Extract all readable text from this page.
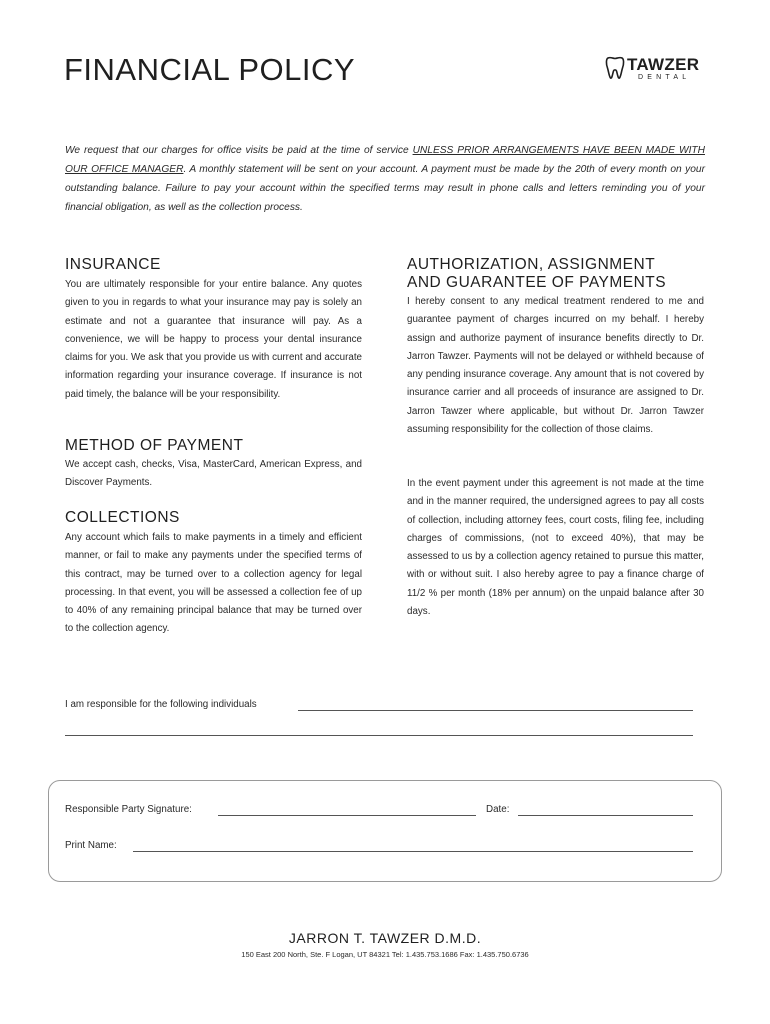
FINANCIAL POLICY	TAWZER
DENTAL
We request that our charges for office visits be paid at the time of service UNLESS PRIOR ARRANGEMENTS HAVE BEEN MADE WITH OUR OFFICE MANAGER. A monthly statement will be sent on your account. A payment must be made by the 20th of every month on your outstanding balance. Failure to pay your account within the specified terms may result in phone calls and letters reminding you of your financial obligation, as well as the collection process.
INSURANCE
You are ultimately responsible for your entire balance. Any quotes given to you in regards to what your insurance may pay is solely an estimate and not a guarantee that insurance will pay. As a convenience, we will be happy to process your dental insurance claims for you. We ask that you provide us with current and accurate information regarding your insurance coverage. If insurance is not paid timely, the balance will be your responsibility.
METHOD OF PAYMENT
We accept cash, checks, Visa, MasterCard, American Express, and Discover Payments.
COLLECTIONS
Any account which fails to make payments in a timely and efficient manner, or fail to make any payments under the specified terms of this contract, may be turned over to a collection agency for legal processing. In that event, you will be assessed a collection fee of up to 40% of any remaining principal balance that may be turned over to the collection agency.
AUTHORIZATION, ASSIGNMENT
AND GUARANTEE OF PAYMENTS
I hereby consent to any medical treatment rendered to me and guarantee payment of charges incurred on my behalf. I hereby assign and authorize payment of insurance benefits directly to Dr. Jarron Tawzer. Payments will not be delayed or withheld because of any pending insurance coverage. Any amount that is not covered by insurance carrier and all proceeds of insurance are assigned to Dr. Jarron Tawzer where applicable, but without Dr. Jarron Tawzer assuming responsibility for the collection of those claims.
In the event payment under this agreement is not made at the time and in the manner required, the undersigned agrees to pay all costs of collection, including attorney fees, court costs, filing fee, including charges of commissions, (not to exceed 40%), that may be assessed to us by a collection agency retained to pursue this matter, with or without suit. I also hereby agree to pay a finance charge of 11/2 % per month (18% per annum) on the unpaid balance after 30 days.
I am responsible for the following individuals
Responsible Party Signature:	Date:
Print Name:
JARRON T. TAWZER D.M.D.
150 East 200 North, Ste. F Logan, UT 84321 Tel: 1.435.753.1686 Fax: 1.435.750.6736
